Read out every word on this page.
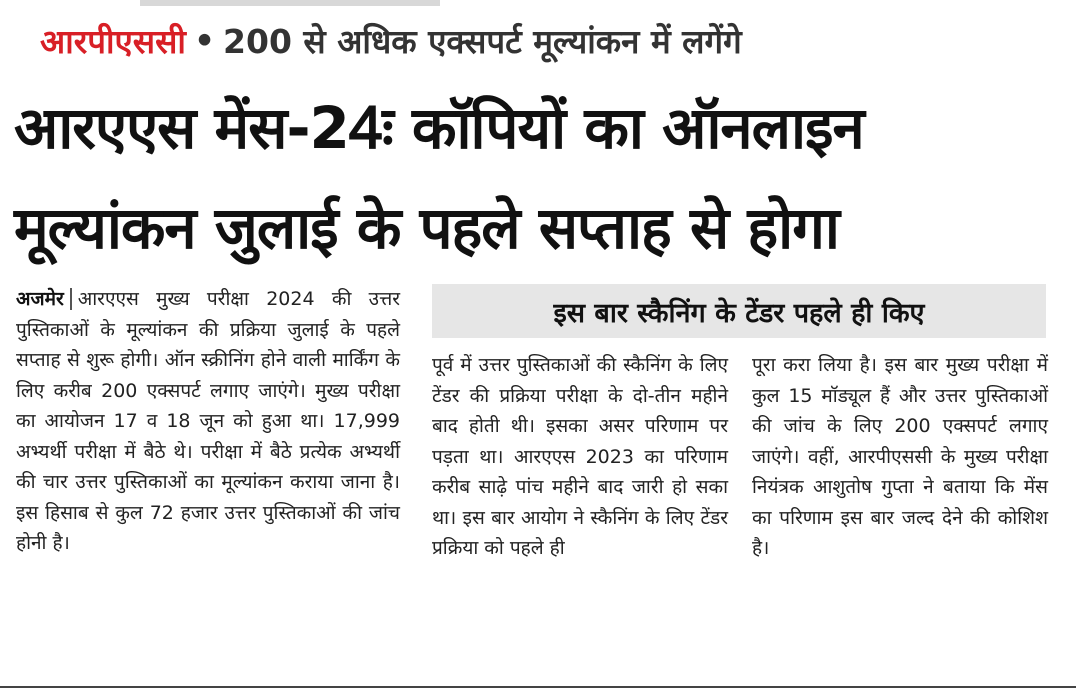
आरपीएससी • 200 से अधिक एक्सपर्ट मूल्यांकन में लगेंगे
आरएएस मेंस-24ः कॉपियों का ऑनलाइन
मूल्यांकन जुलाई के पहले सप्ताह से होगा
अजमेर आरएएस मुख्य परीक्षा 2024 की उत्तर पुस्तिकाओं के मूल्यांकन की प्रक्रिया जुलाई के पहले सप्ताह से शुरू होगी। ऑन स्क्रीनिंग होने वाली मार्किंग के लिए करीब 200 एक्सपर्ट लगाए जाएंगे। मुख्य परीक्षा का आयोजन 17 व 18 जून को हुआ था। 17,999 अभ्यर्थी परीक्षा में बैठे थे। परीक्षा में बैठे प्रत्येक अभ्यर्थी की चार उत्तर पुस्तिकाओं का मूल्यांकन कराया जाना है। इस हिसाब से कुल 72 हजार उत्तर पुस्तिकाओं की जांच होनी है।
इस बार स्कैनिंग के टेंडर पहले ही किए
पूर्व में उत्तर पुस्तिकाओं की स्कैनिंग के लिए टेंडर की प्रक्रिया परीक्षा के दो-तीन महीने बाद होती थी। इसका असर परिणाम पर पड़ता था। आरएएस 2023 का परिणाम करीब साढ़े पांच महीने बाद जारी हो सका था। इस बार आयोग ने स्कैनिंग के लिए टेंडर प्रक्रिया को पहले ही
पूरा करा लिया है। इस बार मुख्य परीक्षा में कुल 15 मॉड्यूल हैं और उत्तर पुस्तिकाओं की जांच के लिए 200 एक्सपर्ट लगाए जाएंगे। वहीं, आरपीएससी के मुख्य परीक्षा नियंत्रक आशुतोष गुप्ता ने बताया कि मेंस का परिणाम इस बार जल्द देने की कोशिश है।
